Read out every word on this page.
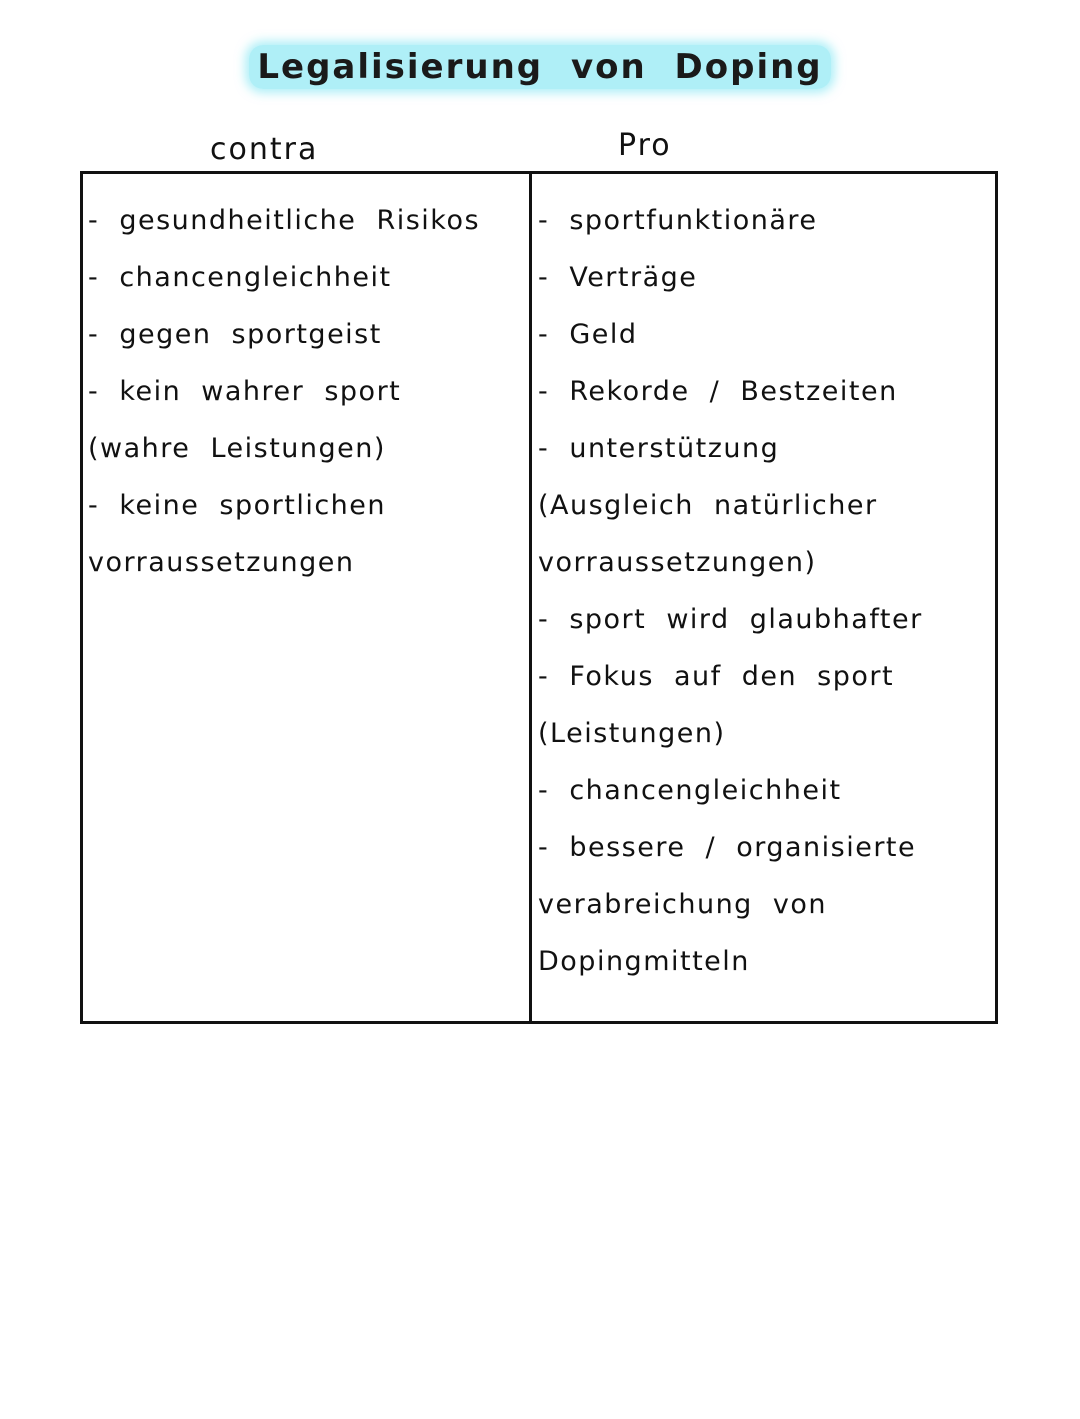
Legalisierung von Doping
contra	Pro
- gesundheitliche Risikos
- chancengleichheit
- gegen sportgeist
- kein wahrer sport
(wahre Leistungen)
- keine sportlichen
vorraussetzungen
- sportfunktionäre
- Verträge
- Geld
- Rekorde / Bestzeiten
- unterstützung
(Ausgleich natürlicher
vorraussetzungen)
- sport wird glaubhafter
- Fokus auf den sport
(Leistungen)
- chancengleichheit
- bessere / organisierte
verabreichung von
Dopingmitteln
